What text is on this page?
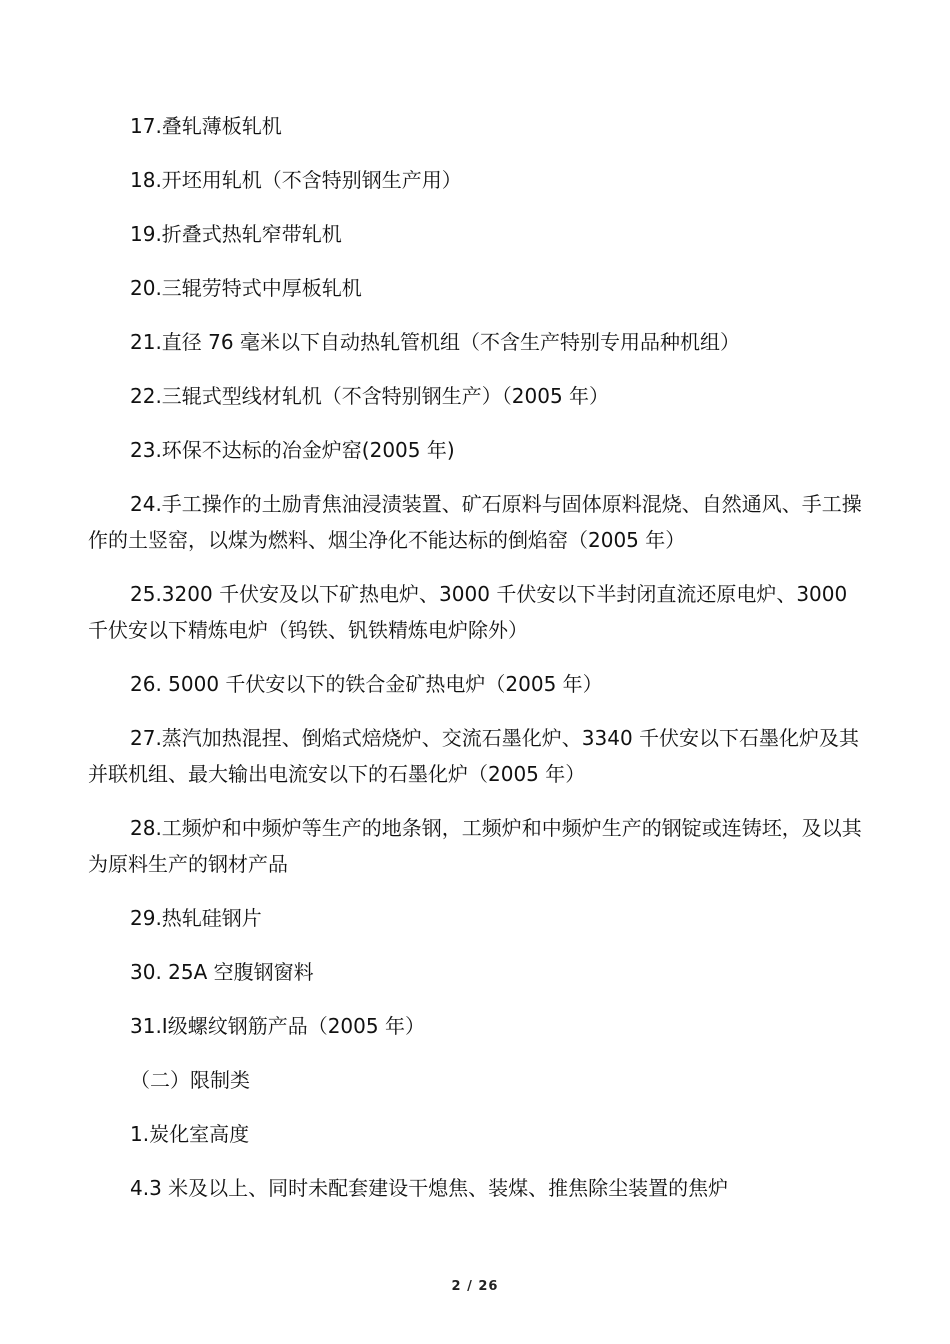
17.叠轧薄板轧机

18.开坯用轧机（不含特别钢生产用）

19.折叠式热轧窄带轧机

20.三辊劳特式中厚板轧机

21.直径 76 毫米以下自动热轧管机组（不含生产特别专用品种机组）

22.三辊式型线材轧机（不含特别钢生产）（2005 年）

23.环保不达标的冶金炉窑(2005 年)

24.手工操作的土励青焦油浸渍装置、矿石原料与固体原料混烧、自然通风、手工操作的土竖窑，以煤为燃料、烟尘净化不能达标的倒焰窑（2005 年）

25.3200 千伏安及以下矿热电炉、3000 千伏安以下半封闭直流还原电炉、3000 千伏安以下精炼电炉（钨铁、钒铁精炼电炉除外）

26. 5000 千伏安以下的铁合金矿热电炉（2005 年）

27.蒸汽加热混捏、倒焰式焙烧炉、交流石墨化炉、3340 千伏安以下石墨化炉及其并联机组、最大输出电流安以下的石墨化炉（2005 年）

28.工频炉和中频炉等生产的地条钢，工频炉和中频炉生产的钢锭或连铸坯，及以其为原料生产的钢材产品

29.热轧硅钢片

30. 25A 空腹钢窗料

31.Ⅰ级螺纹钢筋产品（2005 年）

（二）限制类

1.炭化室高度

4.3 米及以上、同时未配套建设干熄焦、装煤、推焦除尘装置的焦炉

2 / 26
